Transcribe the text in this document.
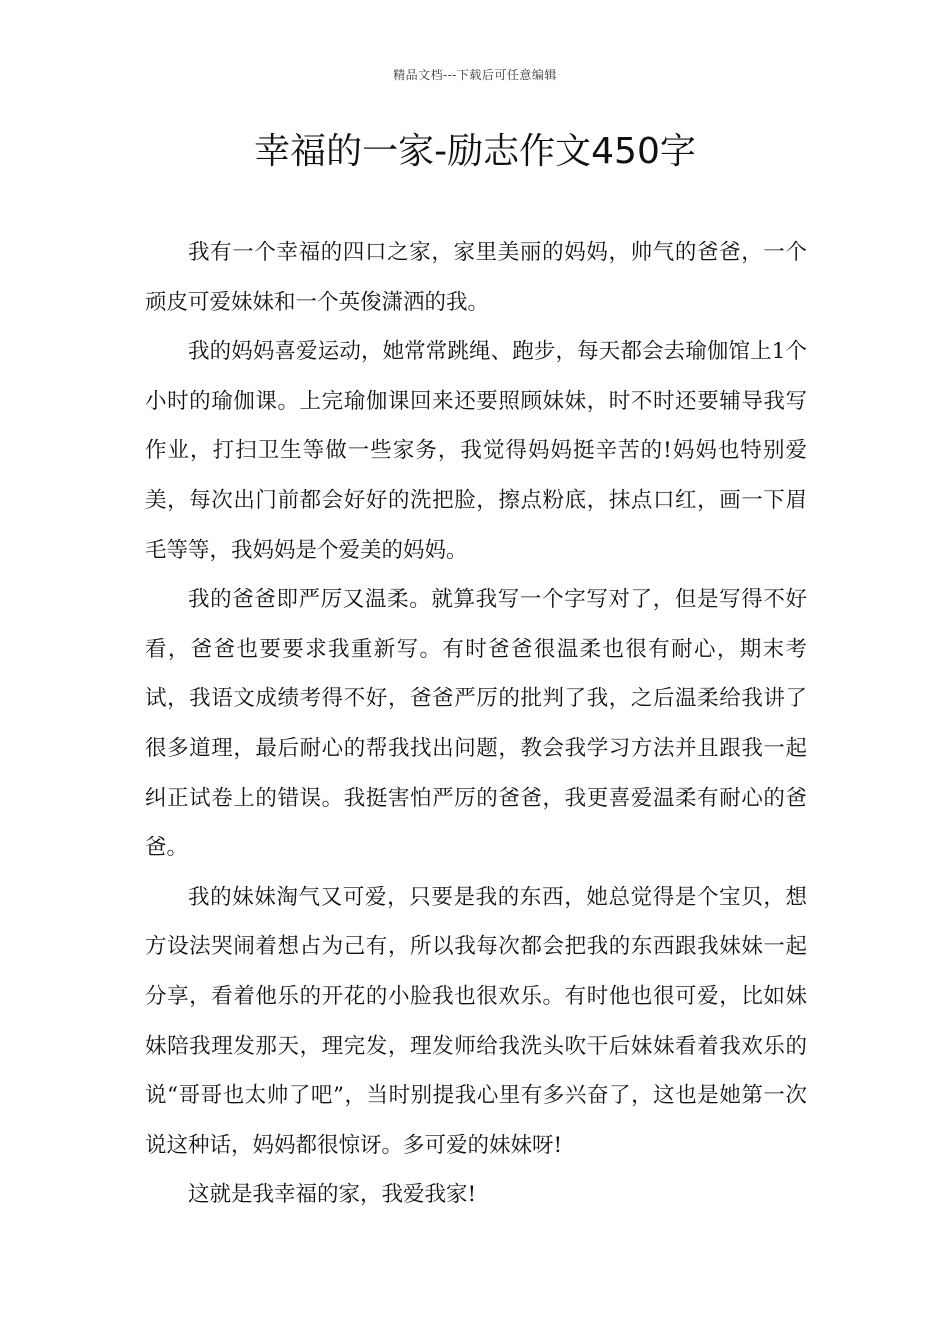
精品文档---下载后可任意编辑
幸福的一家-励志作文450字

我有一个幸福的四口之家，家里美丽的妈妈，帅气的爸爸，一个顽皮可爱妹妹和一个英俊潇洒的我。

我的妈妈喜爱运动，她常常跳绳、跑步，每天都会去瑜伽馆上1个小时的瑜伽课。上完瑜伽课回来还要照顾妹妹，时不时还要辅导我写作业，打扫卫生等做一些家务，我觉得妈妈挺辛苦的!妈妈也特别爱美，每次出门前都会好好的洗把脸，擦点粉底，抹点口红，画一下眉毛等等，我妈妈是个爱美的妈妈。

我的爸爸即严厉又温柔。就算我写一个字写对了，但是写得不好看，爸爸也要要求我重新写。有时爸爸很温柔也很有耐心，期末考试，我语文成绩考得不好，爸爸严厉的批判了我，之后温柔给我讲了很多道理，最后耐心的帮我找出问题，教会我学习方法并且跟我一起纠正试卷上的错误。我挺害怕严厉的爸爸，我更喜爱温柔有耐心的爸爸。

我的妹妹淘气又可爱，只要是我的东西，她总觉得是个宝贝，想方设法哭闹着想占为己有，所以我每次都会把我的东西跟我妹妹一起分享，看着他乐的开花的小脸我也很欢乐。有时他也很可爱，比如妹妹陪我理发那天，理完发，理发师给我洗头吹干后妹妹看着我欢乐的说“哥哥也太帅了吧”，当时别提我心里有多兴奋了，这也是她第一次说这种话，妈妈都很惊讶。多可爱的妹妹呀!

这就是我幸福的家，我爱我家!
